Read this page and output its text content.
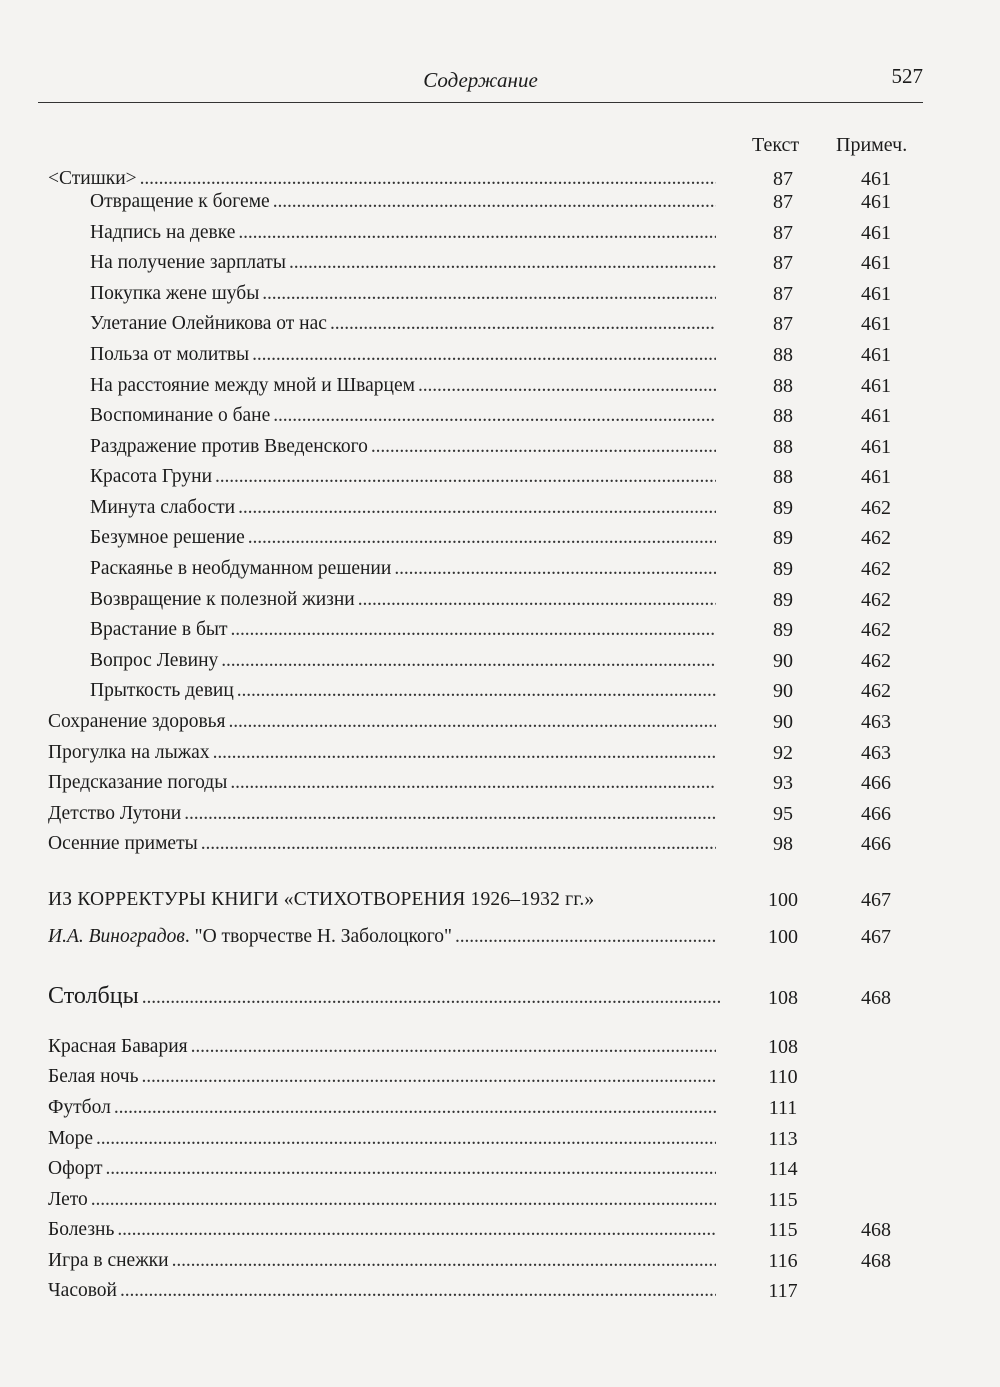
Содержание	527
Текст Примеч.
<Стишки> . . .	87	461
Отвращение к богеме . . .	87	461
Надпись на девке . . .	87	461
На получение зарплаты . . .	87	461
Покупка жене шубы . . .	87	461
Улетание Олейникова от нас . . .	87	461
Польза от молитвы . . .	88	461
На расстояние между мной и Шварцем . . .	88	461
Воспоминание о бане . . .	88	461
Раздражение против Введенского . . .	88	461
Красота Груни . . .	88	461
Минута слабости . . .	89	462
Безумное решение . . .	89	462
Раскаянье в необдуманном решении . . .	89	462
Возвращение к полезной жизни . . .	89	462
Врастание в быт . . .	89	462
Вопрос Левину . . .	90	462
Прыткость девиц . . .	90	462
Сохранение здоровья . . .	90	463
Прогулка на лыжах . . .	92	463
Предсказание погоды . . .	93	466
Детство Лутони . . .	95	466
Осенние приметы . . .	98	466
ИЗ КОРРЕКТУРЫ КНИГИ «СТИХОТВОРЕНИЯ 1926–1932 гг.»	100	467
И.А. Виноградов. "О творчестве Н. Заболоцкого" . . .	100	467
Столбцы . . .	108	468
Красная Бавария . . .	108
Белая ночь . . .	110
Футбол . . .	111
Море . . .	113
Офорт . . .	114
Лето . . .	115
Болезнь . . .	115	468
Игра в снежки . . .	116	468
Часовой . . .	117
